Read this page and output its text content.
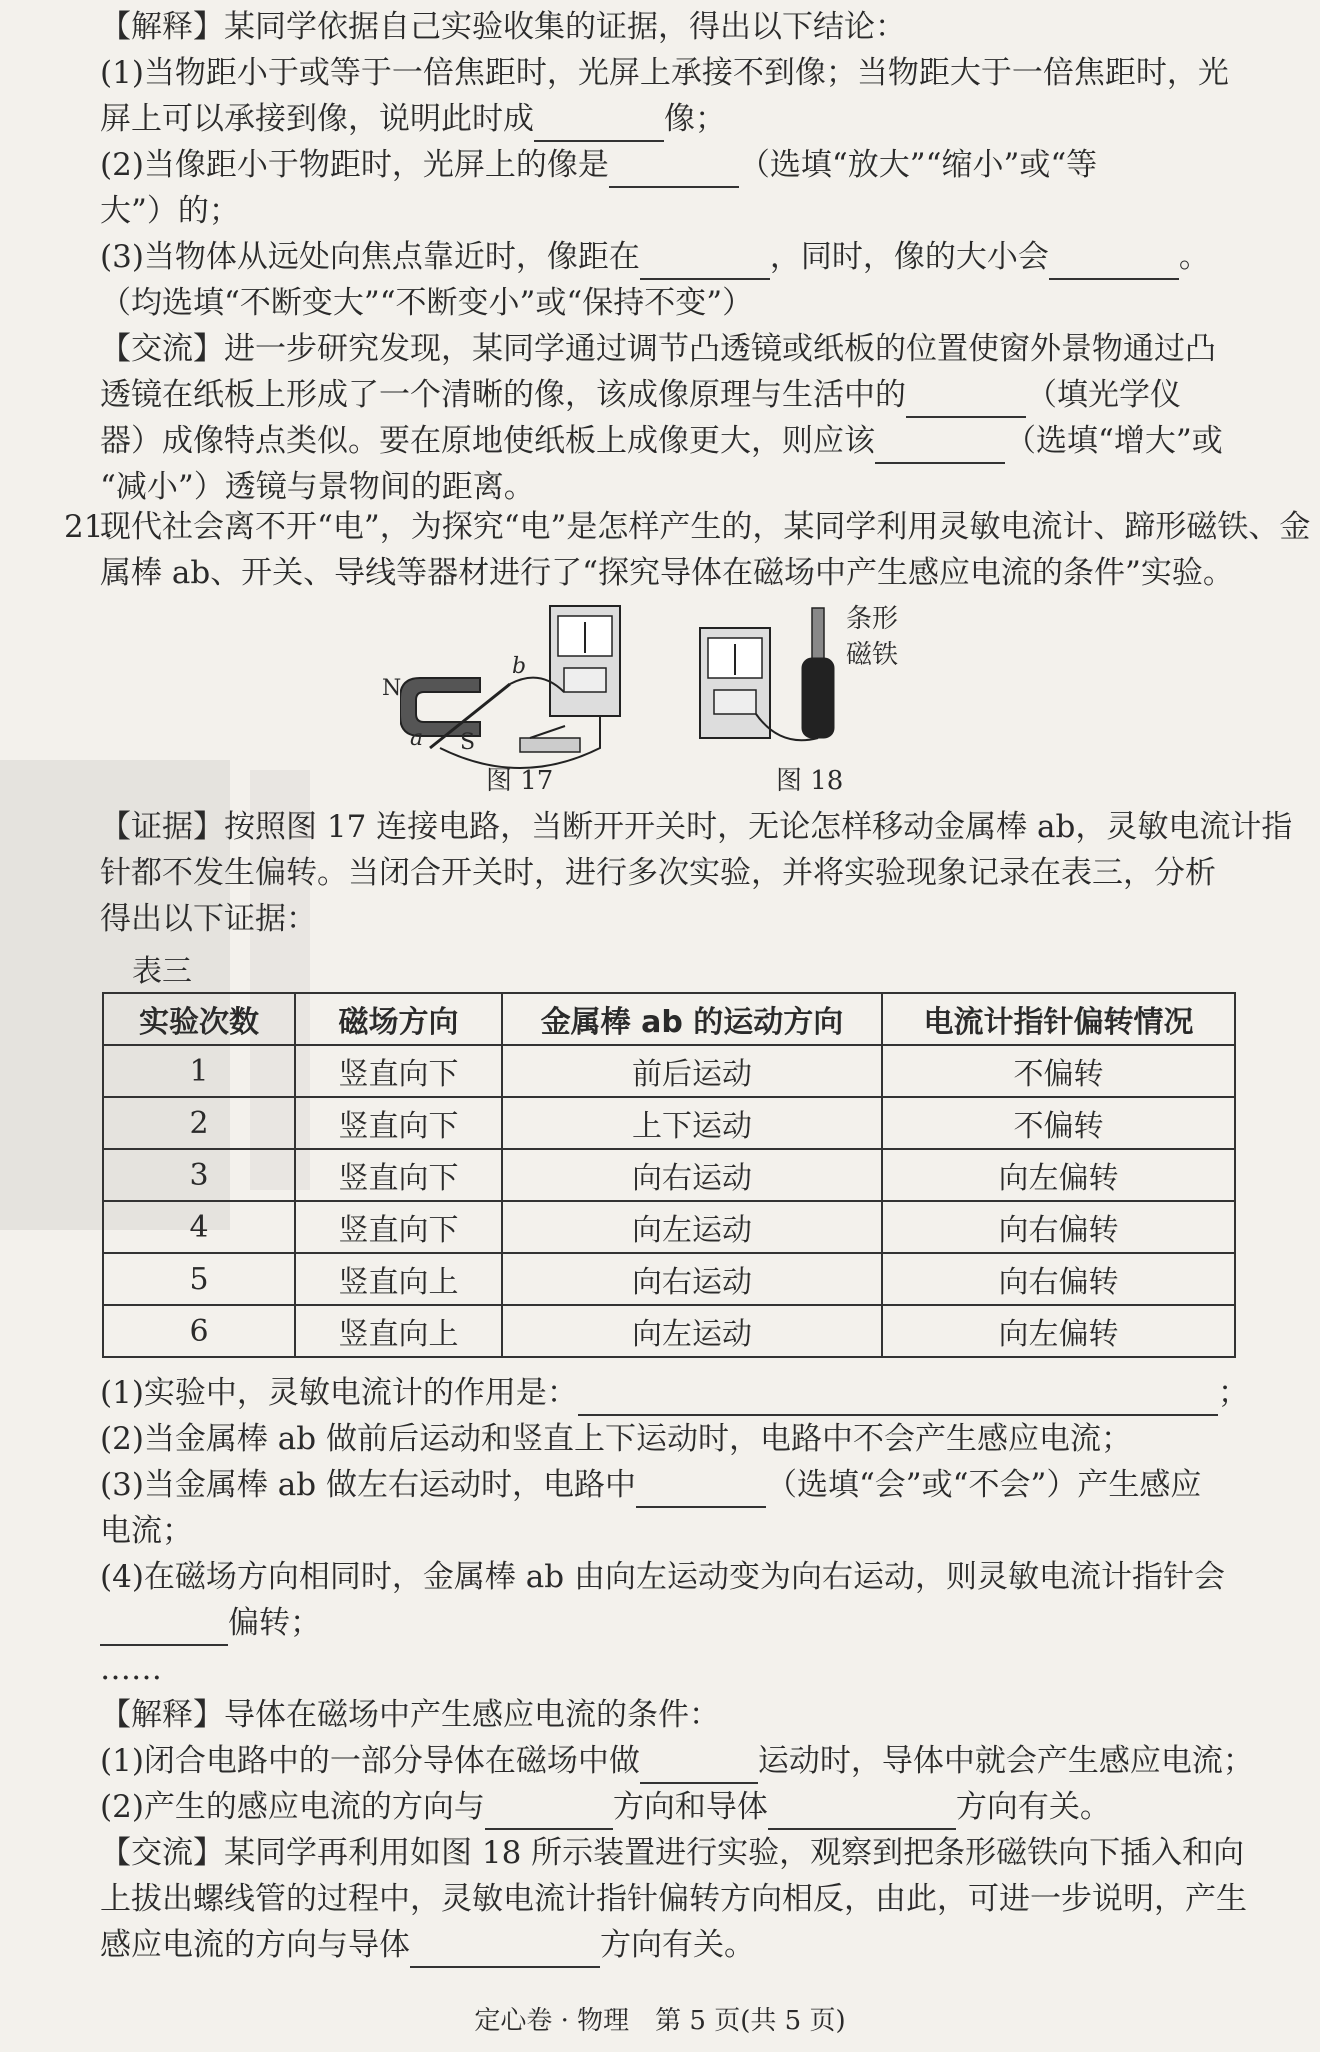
【解释】某同学依据自己实验收集的证据，得出以下结论：

(1)当物距小于或等于一倍焦距时，光屏上承接不到像；当物距大于一倍焦距时，光

屏上可以承接到像，说明此时成	像；

(2)当像距小于物距时，光屏上的像是	（选填“放大”“缩小”或“等

大”）的；

(3)当物体从远处向焦点靠近时，像距在	，同时，像的大小会	。

（均选填“不断变大”“不断变小”或“保持不变”）

【交流】进一步研究发现，某同学通过调节凸透镜或纸板的位置使窗外景物通过凸

透镜在纸板上形成了一个清晰的像，该成像原理与生活中的	（填光学仪

器）成像特点类似。要在原地使纸板上成像更大，则应该	（选填“增大”或

“减小”）透镜与景物间的距离。

21.

现代社会离不开“电”，为探究“电”是怎样产生的，某同学利用灵敏电流计、蹄形磁铁、金

属棒 ab、开关、导线等器材进行了“探究导体在磁场中产生感应电流的条件”实验。

N
S
a
b
条形
磁铁
图 17	图 18

【证据】按照图 17 连接电路，当断开开关时，无论怎样移动金属棒 ab，灵敏电流计指

针都不发生偏转。当闭合开关时，进行多次实验，并将实验现象记录在表三，分析

得出以下证据：

表三
实验次数	磁场方向	金属棒 ab 的运动方向	电流计指针偏转情况
1	竖直向下	前后运动	不偏转
2	竖直向下	上下运动	不偏转
3	竖直向下	向右运动	向左偏转
4	竖直向下	向左运动	向右偏转
5	竖直向上	向右运动	向右偏转
6	竖直向上	向左运动	向左偏转

(1)实验中，灵敏电流计的作用是：	；

(2)当金属棒 ab 做前后运动和竖直上下运动时，电路中不会产生感应电流；

(3)当金属棒 ab 做左右运动时，电路中	（选填“会”或“不会”）产生感应

电流；

(4)在磁场方向相同时，金属棒 ab 由向左运动变为向右运动，则灵敏电流计指针会

偏转；

……

【解释】导体在磁场中产生感应电流的条件：

(1)闭合电路中的一部分导体在磁场中做	运动时，导体中就会产生感应电流；

(2)产生的感应电流的方向与	方向和导体	方向有关。

【交流】某同学再利用如图 18 所示装置进行实验，观察到把条形磁铁向下插入和向

上拔出螺线管的过程中，灵敏电流计指针偏转方向相反，由此，可进一步说明，产生

感应电流的方向与导体	方向有关。

定心卷 · 物理　第 5 页(共 5 页)
